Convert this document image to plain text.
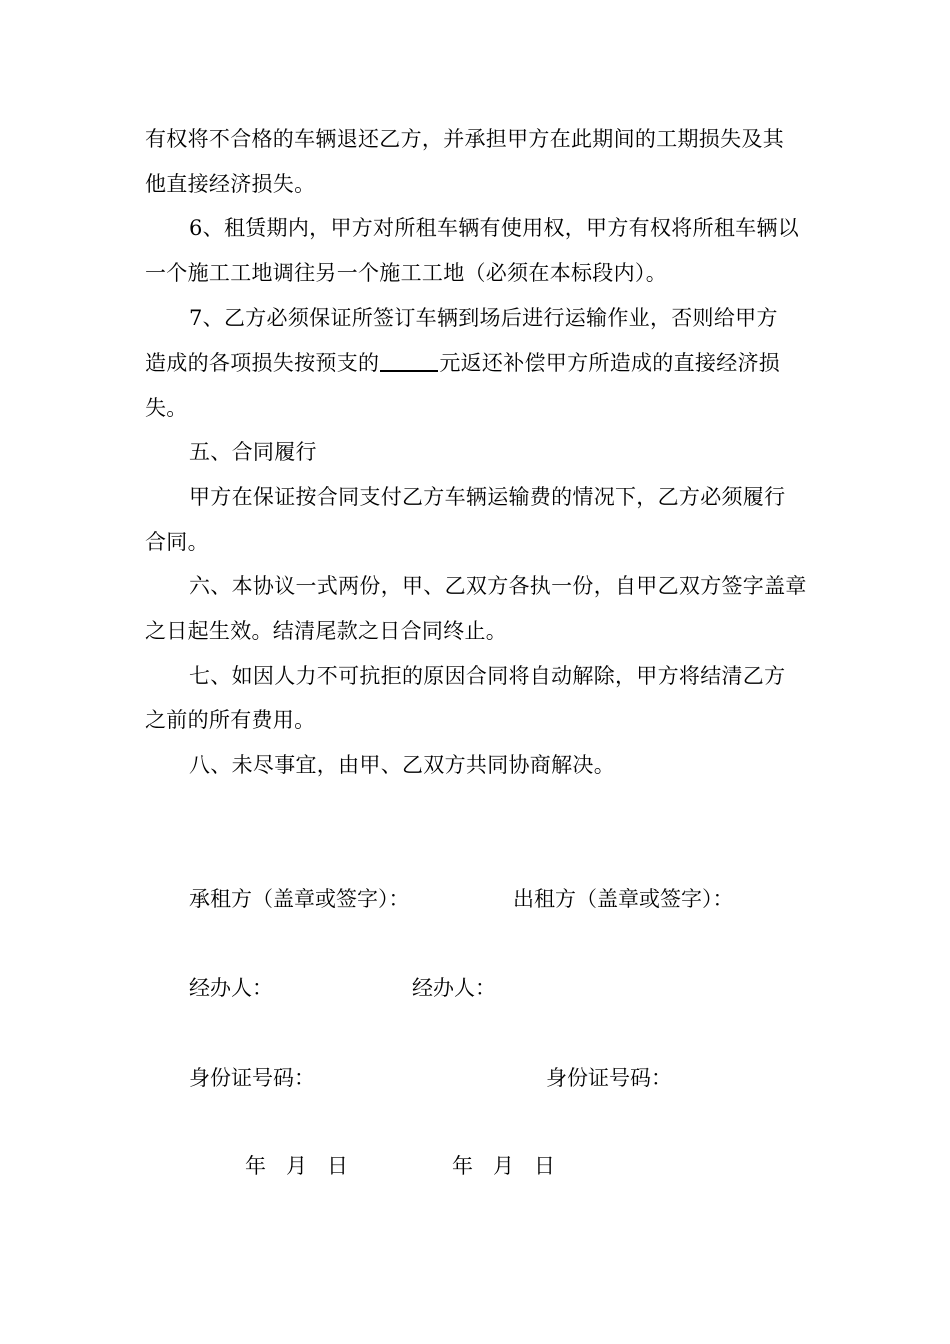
有权将不合格的车辆退还乙方，并承担甲方在此期间的工期损失及其
他直接经济损失。
6、租赁期内，甲方对所租车辆有使用权，甲方有权将所租车辆以
一个施工工地调往另一个施工工地（必须在本标段内）。
7、乙方必须保证所签订车辆到场后进行运输作业，否则给甲方
造成的各项损失按预支的	元返还补偿甲方所造成的直接经济损
失。
五、合同履行
甲方在保证按合同支付乙方车辆运输费的情况下，乙方必须履行
合同。
六、本协议一式两份，甲、乙双方各执一份，自甲乙双方签字盖章
之日起生效。结清尾款之日合同终止。
七、如因人力不可抗拒的原因合同将自动解除，甲方将结清乙方
之前的所有费用。
八、未尽事宜，由甲、乙双方共同协商解决。
承租方（盖章或签字）：	出租方（盖章或签字）：
经办人：	经办人：
身份证号码：	身份证号码：
年 月 日	年 月 日
